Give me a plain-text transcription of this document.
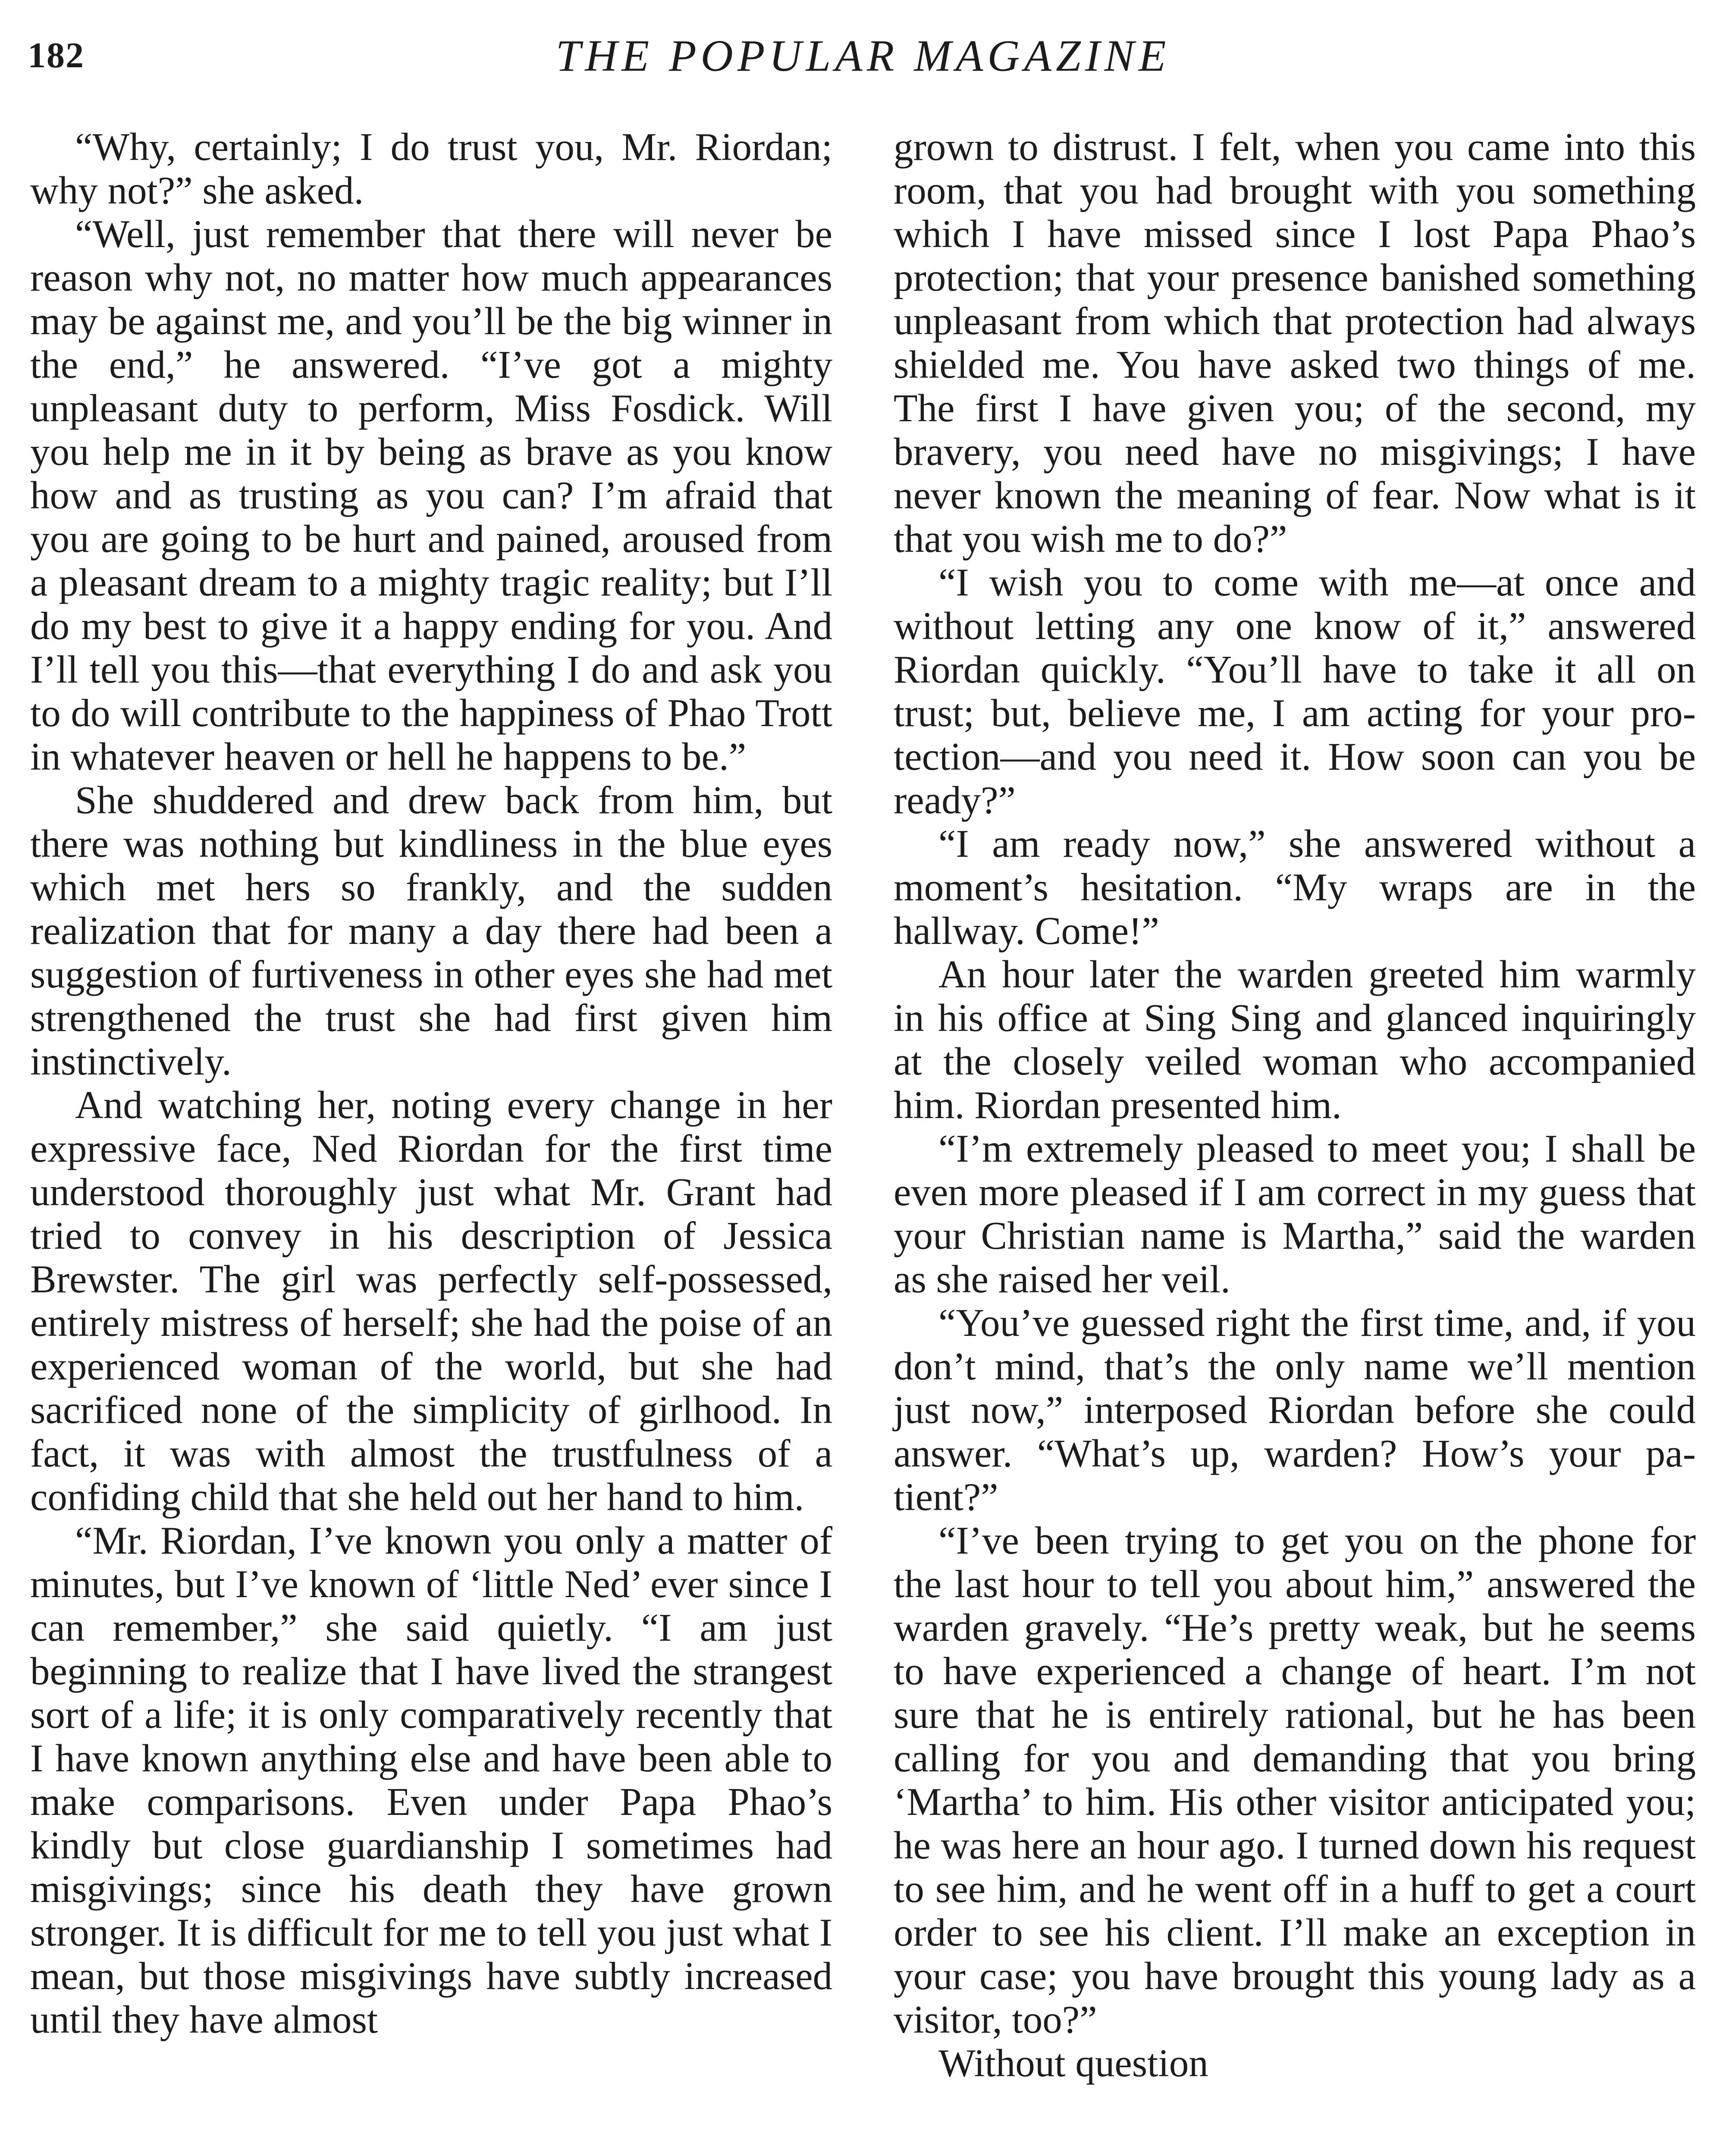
182	THE POPULAR MAGAZINE

“Why, certainly; I do trust you, Mr. Riordan; why not?” she asked.

“Well, just remember that there will never be reason why not, no matter how much appearances may be against me, and you’ll be the big winner in the end,” he answered. “I’ve got a mighty unpleasant duty to perform, Miss Fosdick. Will you help me in it by being as brave as you know how and as trusting as you can? I’m afraid that you are going to be hurt and pained, aroused from a pleasant dream to a mighty tragic reality; but I’ll do my best to give it a happy ending for you. And I’ll tell you this—that everything I do and ask you to do will contribute to the happiness of Phao Trott in whatever heaven or hell he happens to be.”

She shuddered and drew back from him, but there was nothing but kindliness in the blue eyes which met hers so frankly, and the sudden realization that for many a day there had been a suggestion of furtiveness in other eyes she had met strengthened the trust she had first given him instinctively.

And watching her, noting every change in her expressive face, Ned Riordan for the first time understood thoroughly just what Mr. Grant had tried to convey in his description of Jessica Brewster. The girl was perfectly self-possessed, entirely mistress of herself; she had the poise of an experienced woman of the world, but she had sacrificed none of the simplicity of girlhood. In fact, it was with almost the trustfulness of a confiding child that she held out her hand to him.

“Mr. Riordan, I’ve known you only a matter of minutes, but I’ve known of ‘little Ned’ ever since I can remember,” she said quietly. “I am just beginning to realize that I have lived the strangest sort of a life; it is only comparatively recently that I have known anything else and have been able to make comparisons. Even under Papa Phao’s kindly but close guardianship I sometimes had misgivings; since his death they have grown stronger. It is difficult for me to tell you just what I mean, but those misgivings have subtly increased until they have almost

grown to distrust. I felt, when you came into this room, that you had brought with you something which I have missed since I lost Papa Phao’s protection; that your presence banished something unpleasant from which that protection had always shielded me. You have asked two things of me. The first I have given you; of the second, my bravery, you need have no misgivings; I have never known the meaning of fear. Now what is it that you wish me to do?”

“I wish you to come with me—at once and without letting any one know of it,” answered Riordan quickly. “You’ll have to take it all on trust; but, believe me, I am acting for your protection—and you need it. How soon can you be ready?”

“I am ready now,” she answered without a moment’s hesitation. “My wraps are in the hallway. Come!”

An hour later the warden greeted him warmly in his office at Sing Sing and glanced inquiringly at the closely veiled woman who accompanied him. Riordan presented him.

“I’m extremely pleased to meet you; I shall be even more pleased if I am correct in my guess that your Christian name is Martha,” said the warden as she raised her veil.

“You’ve guessed right the first time, and, if you don’t mind, that’s the only name we’ll mention just now,” interposed Riordan before she could answer. “What’s up, warden? How’s your patient?”

“I’ve been trying to get you on the phone for the last hour to tell you about him,” answered the warden gravely. “He’s pretty weak, but he seems to have experienced a change of heart. I’m not sure that he is entirely rational, but he has been calling for you and demanding that you bring ‘Martha’ to him. His other visitor anticipated you; he was here an hour ago. I turned down his request to see him, and he went off in a huff to get a court order to see his client. I’ll make an exception in your case; you have brought this young lady as a visitor, too?”

Without question
